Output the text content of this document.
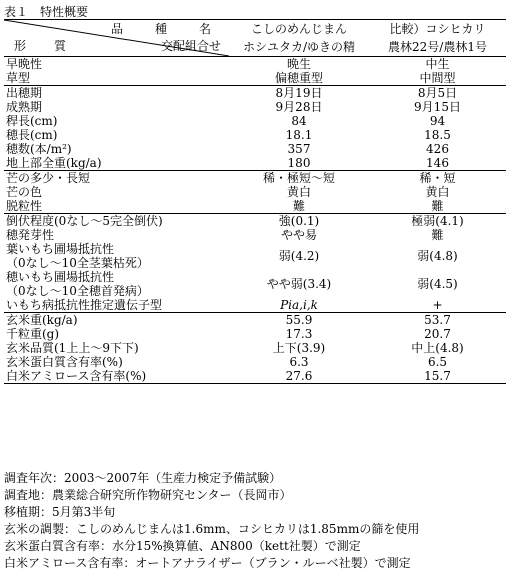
表１ 特性概要
品　種　名
交配組合せ
形質	こしのめんじまん	比較）コシヒカリ
	ホシユタカ/ゆきの精	農林22号/農林1号
早晩性	晩生	中生
草型	偏穂重型	中間型
出穂期	8月19日	8月5日
成熟期	9月28日	9月15日
稈長(cm)	84	94
穂長(cm)	18.1	18.5
穂数(本/m²)	357	426
地上部全重(kg/a)	180	146
芒の多少・長短	稀・極短～短	稀・短
芒の色	黄白	黄白
脱粒性	難	難
倒伏程度(0なし～5完全倒伏)	強(0.1)	極弱(4.1)
穂発芽性	やや易	難
葉いもち圃場抵抗性	弱(4.2)	弱(4.8)
（0なし～10全茎葉枯死）		
穂いもち圃場抵抗性	やや弱(3.4)	弱(4.5)
（0なし～10全穂首発病）		
いもち病抵抗性推定遺伝子型	Pia,i,k	+
玄米重(kg/a)	55.9	53.7
千粒重(g)	17.3	20.7
玄米品質(1上上～9下下)	上下(3.9)	中上(4.8)
玄米蛋白質含有率(%)	6.3	6.5
白米アミロース含有率(%)	27.6	15.7
調査年次：2003～2007年（生産力検定予備試験）
調査地：農業総合研究所作物研究センター（長岡市）
移植期：5月第3半旬
玄米の調製：こしのめんじまんは1.6mm、コシヒカリは1.85mmの篩を使用
玄米蛋白質含有率：水分15%換算値、AN800（kett社製）で測定
白米アミロース含有率：オートアナライザー（ブラン・ルーベ社製）で測定
